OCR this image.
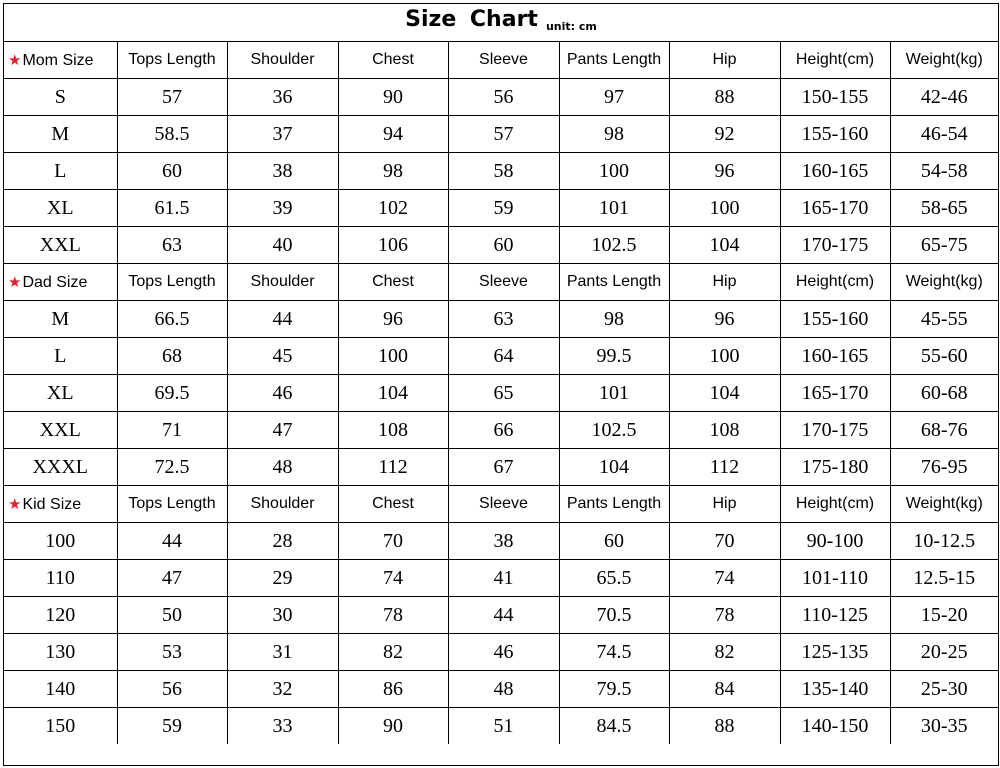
Size Chart unit: cm
★Mom Size	Tops Length	Shoulder	Chest	Sleeve	Pants Length	Hip	Height(cm)	Weight(kg)
S	57	36	90	56	97	88	150-155	42-46
M	58.5	37	94	57	98	92	155-160	46-54
L	60	38	98	58	100	96	160-165	54-58
XL	61.5	39	102	59	101	100	165-170	58-65
XXL	63	40	106	60	102.5	104	170-175	65-75
★Dad Size	Tops Length	Shoulder	Chest	Sleeve	Pants Length	Hip	Height(cm)	Weight(kg)
M	66.5	44	96	63	98	96	155-160	45-55
L	68	45	100	64	99.5	100	160-165	55-60
XL	69.5	46	104	65	101	104	165-170	60-68
XXL	71	47	108	66	102.5	108	170-175	68-76
XXXL	72.5	48	112	67	104	112	175-180	76-95
★Kid Size	Tops Length	Shoulder	Chest	Sleeve	Pants Length	Hip	Height(cm)	Weight(kg)
100	44	28	70	38	60	70	90-100	10-12.5
110	47	29	74	41	65.5	74	101-110	12.5-15
120	50	30	78	44	70.5	78	110-125	15-20
130	53	31	82	46	74.5	82	125-135	20-25
140	56	32	86	48	79.5	84	135-140	25-30
150	59	33	90	51	84.5	88	140-150	30-35
